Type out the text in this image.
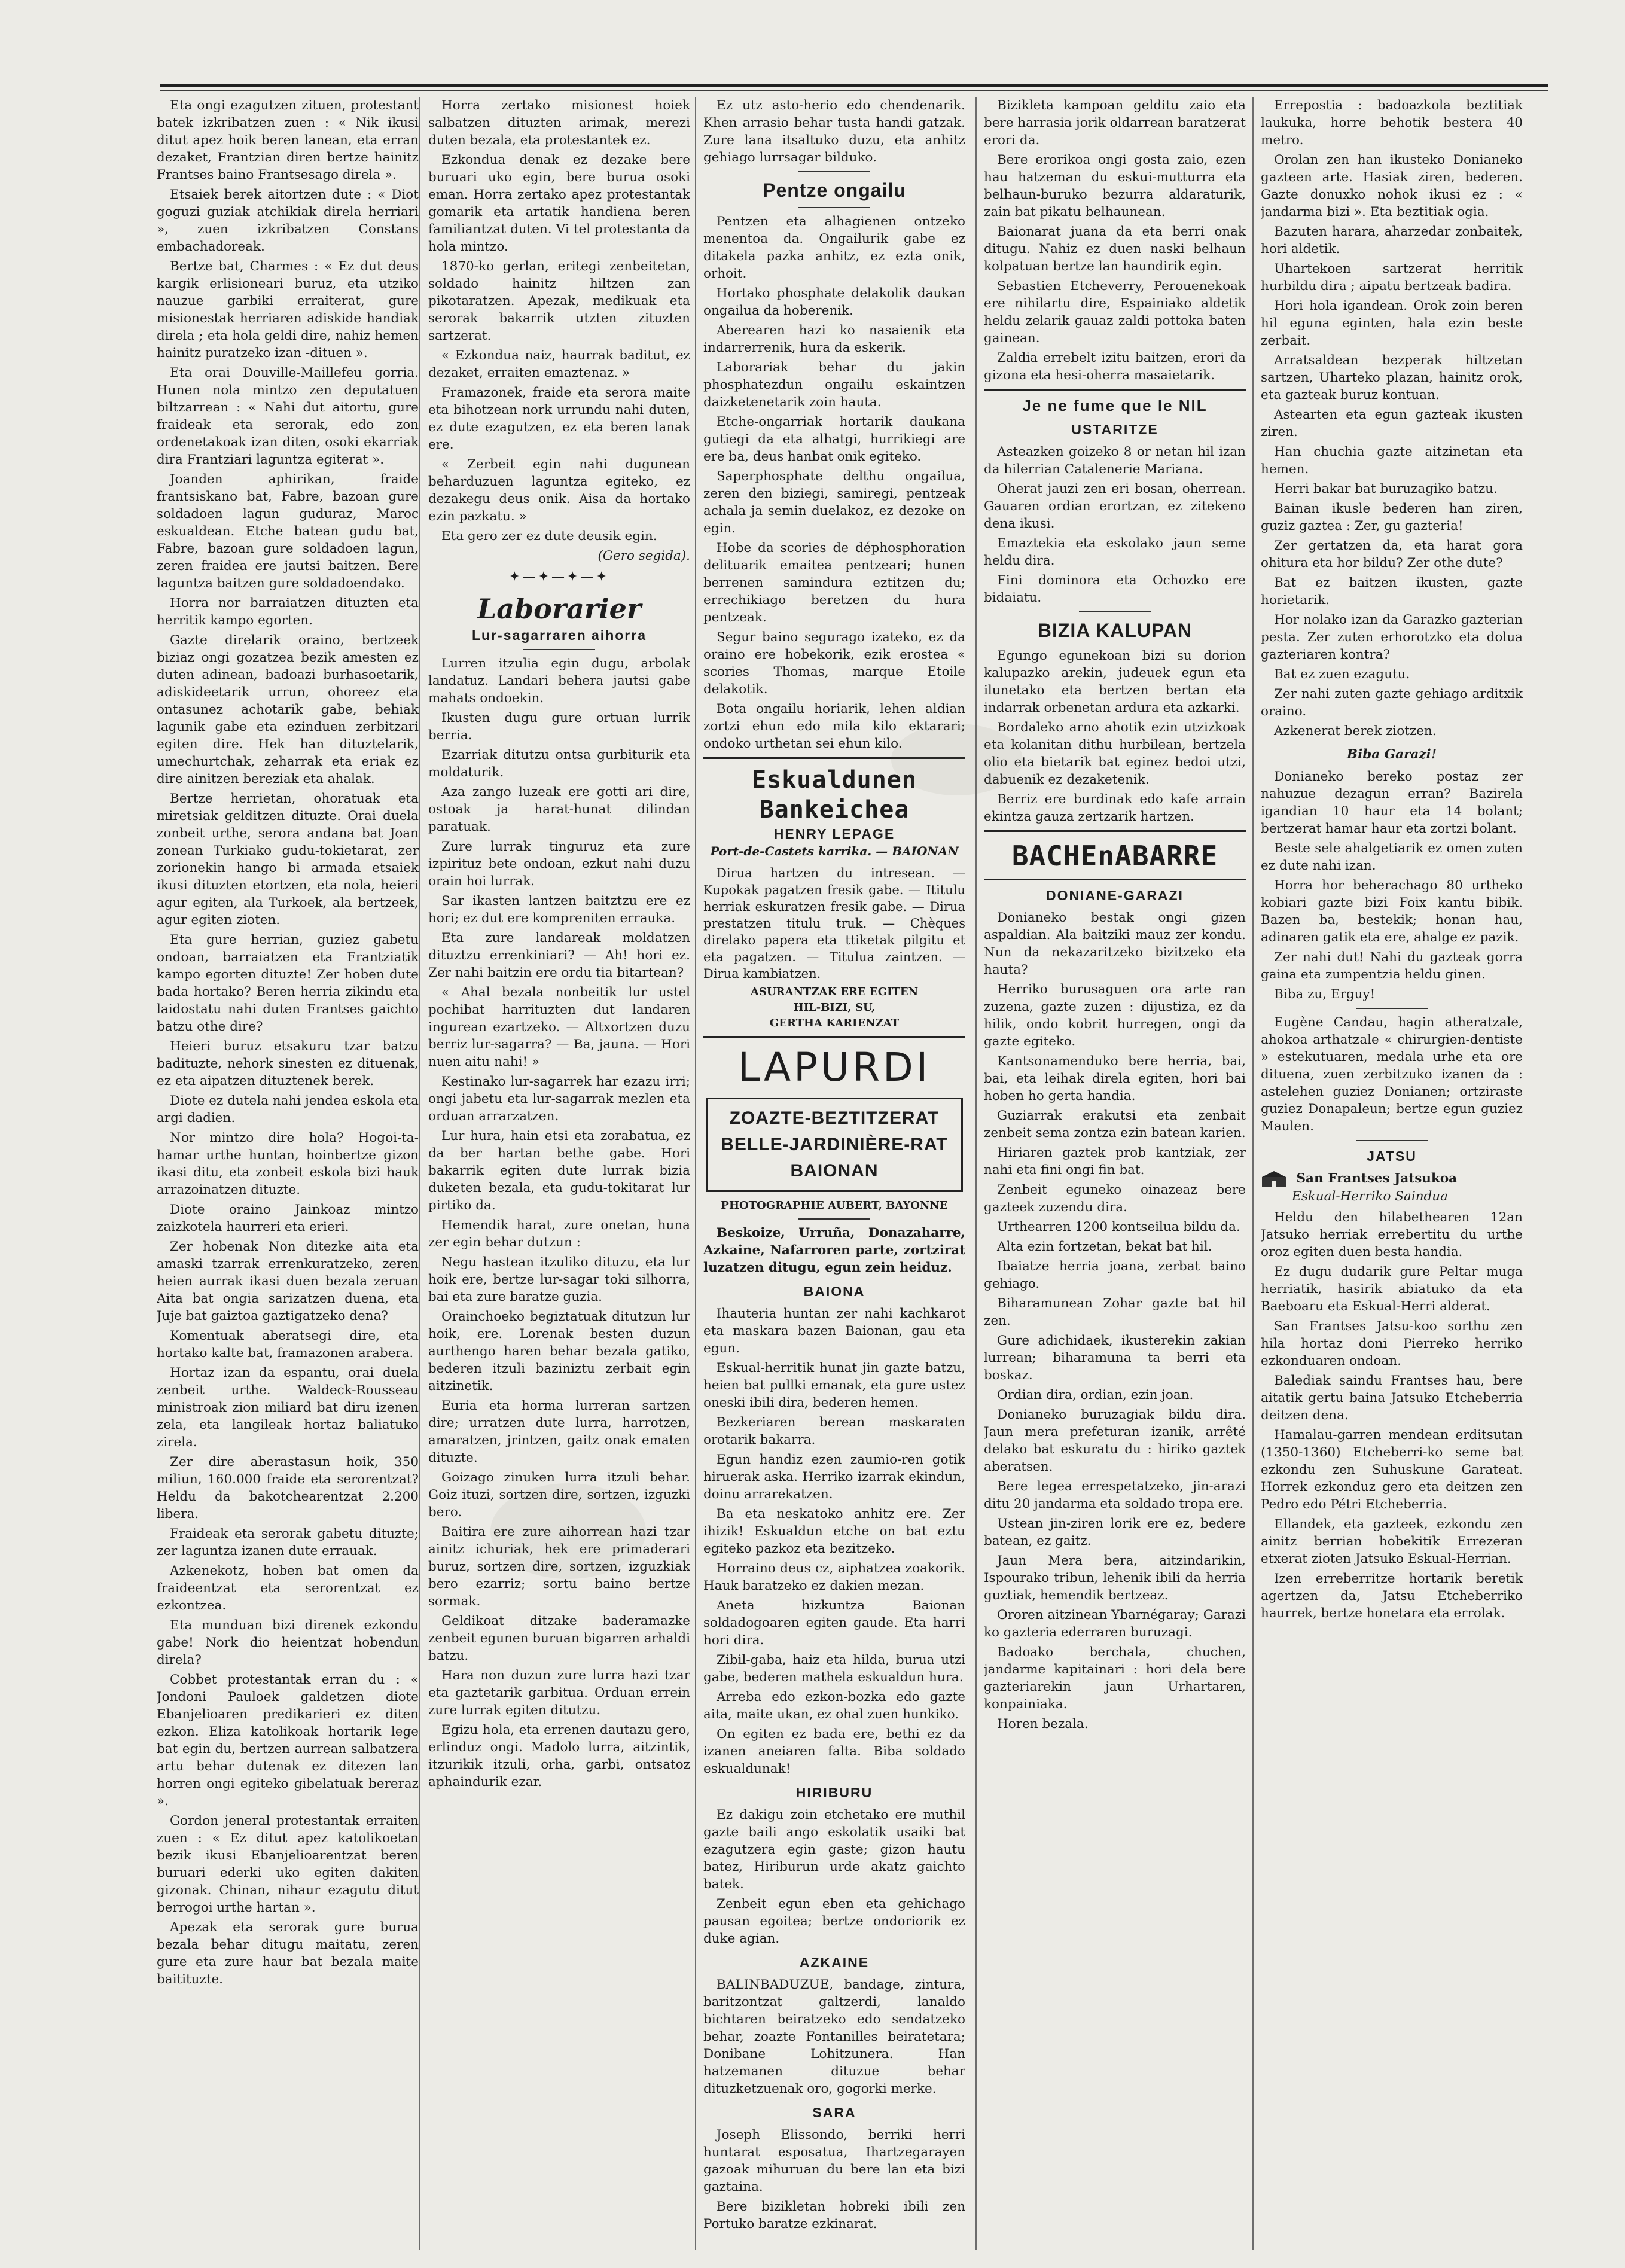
Eta ongi ezagutzen zituen, protestant batek izkribatzen zuen : « Nik ikusi ditut apez hoik beren lanean, eta erran dezaket, Frantzian diren bertze hainitz Frantses baino Frantsesago direla ».

Etsaiek berek aitortzen dute : « Diot goguzi guziak atchikiak direla herriari », zuen izkribatzen Constans embachadoreak.

Bertze bat, Charmes : « Ez dut deus kargik erlisioneari buruz, eta utziko nauzue garbiki erraiterat, gure misionestak herriaren adiskide handiak direla ; eta hola geldi dire, nahiz hemen hainitz puratzeko izan -dituen ».

Eta orai Douville-Maillefeu gorria. Hunen nola mintzo zen deputatuen biltzarrean : « Nahi dut aitortu, gure fraideak eta serorak, edo zon ordenetakoak izan diten, osoki ekarriak dira Frantziari laguntza egiterat ».

Joanden aphirikan, fraide frantsiskano bat, Fabre, bazoan gure soldadoen lagun guduraz, Maroc eskualdean. Etche batean gudu bat, Fabre, bazoan gure soldadoen lagun, zeren fraidea ere jautsi baitzen. Bere laguntza baitzen gure soldadoendako.

Horra nor barraiatzen dituzten eta herritik kampo egorten.

Gazte direlarik oraino, bertzeek biziaz ongi gozatzea bezik amesten ez duten adinean, badoazi burhasoetarik, adiskideetarik urrun, ohoreez eta ontasunez achotarik gabe, behiak lagunik gabe eta ezinduen zerbitzari egiten dire. Hek han dituztelarik, umechurtchak, zeharrak eta eriak ez dire ainitzen bereziak eta ahalak.

Bertze herrietan, ohoratuak eta miretsiak gelditzen dituzte. Orai duela zonbeit urthe, serora andana bat Joan zonean Turkiako gudu-tokietarat, zer zorionekin hango bi armada etsaiek ikusi dituzten etortzen, eta nola, heieri agur egiten, ala Turkoek, ala bertzeek, agur egiten zioten.

Eta gure herrian, guziez gabetu ondoan, barraiatzen eta Frantziatik kampo egorten dituzte! Zer hoben dute bada hortako? Beren herria zikindu eta laidostatu nahi duten Frantses gaichto batzu othe dire?

Heieri buruz etsakuru tzar batzu badituzte, nehork sinesten ez dituenak, ez eta aipatzen dituztenek berek.

Diote ez dutela nahi jendea eskola eta argi dadien.

Nor mintzo dire hola? Hogoi-ta-hamar urthe huntan, hoinbertze gizon ikasi ditu, eta zonbeit eskola bizi hauk arrazoinatzen dituzte.

Diote oraino Jainkoaz mintzo zaizkotela haurreri eta erieri.

Zer hobenak Non ditezke aita eta amaski tzarrak errenkuratzeko, zeren heien aurrak ikasi duen bezala zeruan Aita bat ongia sarizatzen duena, eta Juje bat gaiztoa gaztigatzeko dena?

Komentuak aberatsegi dire, eta hortako kalte bat, framazonen arabera.

Hortaz izan da espantu, orai duela zenbeit urthe. Waldeck-Rousseau ministroak zion miliard bat diru izenen zela, eta langileak hortaz baliatuko zirela.

Zer dire aberastasun hoik, 350 miliun, 160.000 fraide eta serorentzat? Heldu da bakotchearentzat 2.200 libera.

Fraideak eta serorak gabetu dituzte; zer laguntza izanen dute errauak.

Azkenekotz, hoben bat omen da fraideentzat eta serorentzat ez ezkontzea.

Eta munduan bizi direnek ezkondu gabe! Nork dio heientzat hobendun direla?

Cobbet protestantak erran du : « Jondoni Pauloek galdetzen diote Ebanjelioaren predikarieri ez diten ezkon. Eliza katolikoak hortarik lege bat egin du, bertzen aurrean salbatzera artu behar dutenak ez ditezen lan horren ongi egiteko gibelatuak bereraz ».

Gordon jeneral protestantak erraiten zuen : « Ez ditut apez katolikoetan bezik ikusi Ebanjelioarentzat beren buruari ederki uko egiten dakiten gizonak. Chinan, nihaur ezagutu ditut berrogoi urthe hartan ».

Apezak eta serorak gure burua bezala behar ditugu maitatu, zeren gure eta zure haur bat bezala maite baitituzte.

Horra zertako misionest hoiek salbatzen dituzten arimak, merezi duten bezala, eta protestantek ez.

Ezkondua denak ez dezake bere buruari uko egin, bere burua osoki eman. Horra zertako apez protestantak gomarik eta artatik handiena beren familiantzat duten. Vi tel protestanta da hola mintzo.

1870-ko gerlan, eritegi zenbeitetan, soldado hainitz hiltzen zan pikotaratzen. Apezak, medikuak eta serorak bakarrik utzten zituzten sartzerat.

« Ezkondua naiz, haurrak baditut, ez dezaket, erraiten emaztenaz. »

Framazonek, fraide eta serora maite eta bihotzean nork urrundu nahi duten, ez dute ezagutzen, ez eta beren lanak ere.

« Zerbeit egin nahi dugunean beharduzuen laguntza egiteko, ez dezakegu deus onik. Aisa da hortako ezin pazkatu. »

Eta gero zer ez dute deusik egin.

(Gero segida).
✦—✦—✦—✦
Laborarier
Lur-sagarraren aihorra

Lurren itzulia egin dugu, arbolak landatuz. Landari behera jautsi gabe mahats ondoekin.

Ikusten dugu gure ortuan lurrik berria.

Ezarriak ditutzu ontsa gurbiturik eta moldaturik.

Aza zango luzeak ere gotti ari dire, ostoak ja harat-hunat dilindan paratuak.

Zure lurrak tinguruz eta zure izpirituz bete ondoan, ezkut nahi duzu orain hoi lurrak.

Sar ikasten lantzen baitztzu ere ez hori; ez dut ere kompreniten errauka.

Eta zure landareak moldatzen dituztzu errenkiniari? — Ah! hori ez. Zer nahi baitzin ere ordu tia bitartean?

« Ahal bezala nonbeitik lur ustel pochibat harrituzten dut landaren ingurean ezartzeko. — Altxortzen duzu berriz lur-sagarra? — Ba, jauna. — Hori nuen aitu nahi! »

Kestinako lur-sagarrek har ezazu irri; ongi jabetu eta lur-sagarrak mezlen eta orduan arrarzatzen.

Lur hura, hain etsi eta zorabatua, ez da ber hartan bethe gabe. Hori bakarrik egiten dute lurrak bizia duketen bezala, eta gudu-tokitarat lur pirtiko da.

Hemendik harat, zure onetan, huna zer egin behar dutzun :

Negu hastean itzuliko dituzu, eta lur hoik ere, bertze lur-sagar toki silhorra, bai eta zure baratze guzia.

Orainchoeko begiztatuak ditutzun lur hoik, ere. Lorenak besten duzun aurthengo haren behar bezala gatiko, bederen itzuli baziniztu zerbait egin aitzinetik.

Euria eta horma lurreran sartzen dire; urratzen dute lurra, harrotzen, amaratzen, jrintzen, gaitz onak ematen dituzte.

Goizago zinuken lurra itzuli behar. Goiz ituzi, sortzen dire, sortzen, izguzki bero.

Baitira ere zure aihorrean hazi tzar ainitz ichuriak, hek ere primaderari buruz, sortzen dire, sortzen, izguzkiak bero ezarriz; sortu baino bertze sormak.

Geldikoat ditzake baderamazke zenbeit egunen buruan bigarren arhaldi batzu.

Hara non duzun zure lurra hazi tzar eta gaztetarik garbitua. Orduan errein zure lurrak egiten ditutzu.

Egizu hola, eta errenen dautazu gero, erlinduz ongi. Madolo lurra, aitzintik, itzurikik itzuli, orha, garbi, ontsatoz aphaindurik ezar.

Ez utz asto-herio edo chendenarik. Khen arrasio behar tusta handi gatzak. Zure lana itsaltuko duzu, eta anhitz gehiago lurrsagar bilduko.

Pentze ongailu

Pentzen eta alhagienen ontzeko menentoa da. Ongailurik gabe ez ditakela pazka anhitz, ez ezta onik, orhoit.

Hortako phosphate delakolik daukan ongailua da hoberenik.

Aberearen hazi ko nasaienik eta indarrerrenik, hura da eskerik.

Laborariak behar du jakin phosphatezdun ongailu eskaintzen daizketenetarik zoin hauta.

Etche-ongarriak hortarik daukana gutiegi da eta alhatgi, hurrikiegi are ere ba, deus hanbat onik egiteko.

Saperphosphate delthu ongailua, zeren den biziegi, samiregi, pentzeak achala ja semin duelakoz, ez dezoke on egin.

Hobe da scories de déphosphoration delituarik emaitea pentzeari; hunen berrenen samindura eztitzen du; errechikiago beretzen du hura pentzeak.

Segur baino segurago izateko, ez da oraino ere hobekorik, ezik erostea « scories Thomas, marque Etoile delakotik.

Bota ongailu horiarik, lehen aldian zortzi ehun edo mila kilo ektarari; ondoko urthetan sei ehun kilo.

Eskualdunen Bankeichea
HENRY LEPAGE
Port-de-Castets karrika. — BAIONAN

Dirua hartzen du intresean. — Kupokak pagatzen fresik gabe. — Ititulu herriak eskuratzen fresik gabe. — Dirua prestatzen titulu truk. — Chèques direlako papera eta ttiketak pilgitu et eta pagatzen. — Titulua zaintzen. — Dirua kambiatzen.

ASURANTZAK ERE EGITEN
HIL-BIZI, SU,
GERTHA KARIENZAT
LAPURDI
ZOAZTE-BEZTITZERAT
BELLE-JARDINIÈRE-RAT
BAIONAN
PHOTOGRAPHIE AUBERT, BAYONNE

Beskoize, Urruña, Donazaharre, Azkaine, Nafarroren parte, zortzirat luzatzen ditugu, egun zein heiduz.

BAIONA

Ihauteria huntan zer nahi kachkarot eta maskara bazen Baionan, gau eta egun.

Eskual-herritik hunat jin gazte batzu, heien bat pullki emanak, eta gure ustez oneski ibili dira, bederen hemen.

Bezkeriaren berean maskaraten orotarik bakarra.

Egun handiz ezen zaumio-ren gotik hiruerak aska. Herriko izarrak ekindun, doinu arrarekatzen.

Ba eta neskatoko anhitz ere. Zer ihizik! Eskualdun etche on bat eztu egiteko pazkoz eta bezitzeko.

Horraino deus cz, aiphatzea zoakorik. Hauk baratzeko ez dakien mezan.

Aneta hizkuntza Baionan soldadogoaren egiten gaude. Eta harri hori dira.

Zibil-gaba, haiz eta hilda, burua utzi gabe, bederen mathela eskualdun hura.

Arreba edo ezkon-bozka edo gazte aita, maite ukan, ez ohal zuen hunkiko.

On egiten ez bada ere, bethi ez da izanen aneiaren falta. Biba soldado eskualdunak!

HIRIBURU

Ez dakigu zoin etchetako ere muthil gazte baili ango eskolatik usaiki bat ezagutzera egin gaste; gizon hautu batez, Hiriburun urde akatz gaichto batek.

Zenbeit egun eben eta gehichago pausan egoitea; bertze ondoriorik ez duke agian.

AZKAINE

BALINBADUZUE, bandage, zintura, baritzontzat galtzerdi, lanaldo bichtaren beiratzeko edo sendatzeko behar, zoazte Fontanilles beiratetara; Donibane Lohitzunera. Han hatzemanen dituzue behar dituzketzuenak oro, gogorki merke.

SARA

Joseph Elissondo, berriki herri huntarat esposatua, Ihartzegarayen gazoak mihuruan du bere lan eta bizi gaztaina.

Bere bizikletan hobreki ibili zen Portuko baratze ezkinarat.

Bizikleta kampoan gelditu zaio eta bere harrasia jorik oldarrean baratzerat erori da.

Bere erorikoa ongi gosta zaio, ezen hau hatzeman du eskui-mutturra eta belhaun-buruko bezurra aldaraturik, zain bat pikatu belhaunean.

Baionarat juana da eta berri onak ditugu. Nahiz ez duen naski belhaun kolpatuan bertze lan haundirik egin.

Sebastien Etcheverry, Perouenekoak ere nihilartu dire, Espainiako aldetik heldu zelarik gauaz zaldi pottoka baten gainean.

Zaldia errebelt izitu baitzen, erori da gizona eta hesi-oherra masaietarik.

Je ne fume que le NIL
USTARITZE

Asteazken goizeko 8 or netan hil izan da hilerrian Catalenerie Mariana.

Oherat jauzi zen eri bosan, oherrean. Gauaren ordian erortzan, ez zitekeno dena ikusi.

Emaztekia eta eskolako jaun seme heldu dira.

Fini dominora eta Ochozko ere bidaiatu.

BIZIA KALUPAN

Egungo egunekoan bizi su dorion kalupazko arekin, judeuek egun eta ilunetako eta bertzen bertan eta indarrak orbenetan ardura eta azkarki.

Bordaleko arno ahotik ezin utzizkoak eta kolanitan dithu hurbilean, bertzela olio eta bietarik bat eginez bedoi utzi, dabuenik ez dezaketenik.

Berriz ere burdinak edo kafe arrain ekintza gauza zertzarik hartzen.

BACHEnABARRE
DONIANE-GARAZI

Donianeko bestak ongi gizen aspaldian. Ala baitziki mauz zer kondu. Nun da nekazaritzeko bizitzeko eta hauta?

Herriko burusaguen ora arte ran zuzena, gazte zuzen : dijustiza, ez da hilik, ondo kobrit hurregen, ongi da gazte egiteko.

Kantsonamenduko bere herria, bai, bai, eta leihak direla egiten, hori bai hoben ho gerta handia.

Guziarrak erakutsi eta zenbait zenbeit sema zontza ezin batean karien.

Hiriaren gaztek prob kantziak, zer nahi eta fini ongi fin bat.

Zenbeit eguneko oinazeaz bere gazteek zuzendu dira.

Urthearren 1200 kontseilua bildu da.

Alta ezin fortzetan, bekat bat hil.

Ibaiatze herria joana, zerbat baino gehiago.

Biharamunean Zohar gazte bat hil zen.

Gure adichidaek, ikusterekin zakian lurrean; biharamuna ta berri eta boskaz.

Ordian dira, ordian, ezin joan.

Donianeko buruzagiak bildu dira. Jaun mera prefeturan izanik, arrêté delako bat eskuratu du : hiriko gaztek aberatsen.

Bere legea errespetatzeko, jin-arazi ditu 20 jandarma eta soldado tropa ere.

Ustean jin-ziren lorik ere ez, bedere batean, ez gaitz.

Jaun Mera bera, aitzindarikin, Ispourako tribun, lehenik ibili da herria guztiak, hemendik bertzeaz.

Ororen aitzinean Ybarnégaray; Garazi ko gazteria ederraren buruzagi.

Badoako berchala, chuchen, jandarme kapitainari : hori dela bere gazteriarekin jaun Urhartaren, konpainiaka.

Horen bezala.

Errepostia : badoazkola beztitiak laukuka, horre behotik bestera 40 metro.

Orolan zen han ikusteko Donianeko gazteen arte. Hasiak ziren, bederen. Gazte donuxko nohok ikusi ez : « jandarma bizi ». Eta beztitiak ogia.

Bazuten harara, aharzedar zonbaitek, hori aldetik.

Uhartekoen sartzerat herritik hurbildu dira ; aipatu bertzeak badira.

Hori hola igandean. Orok zoin beren hil eguna eginten, hala ezin beste zerbait.

Arratsaldean bezperak hiltzetan sartzen, Uharteko plazan, hainitz orok, eta gazteak buruz kontuan.

Astearten eta egun gazteak ikusten ziren.

Han chuchia gazte aitzinetan eta hemen.

Herri bakar bat buruzagiko batzu.

Bainan ikusle bederen han ziren, guziz gaztea : Zer, gu gazteria!

Zer gertatzen da, eta harat gora ohitura eta hor bildu? Zer othe dute?

Bat ez baitzen ikusten, gazte horietarik.

Hor nolako izan da Garazko gazterian pesta. Zer zuten erhorotzko eta dolua gazteriaren kontra?

Bat ez zuen ezagutu.

Zer nahi zuten gazte gehiago arditxik oraino.

Azkenerat berek ziotzen.

Biba Garazi!

Donianeko bereko postaz zer nahuzue dezagun erran? Bazirela igandian 10 haur eta 14 bolant; bertzerat hamar haur eta zortzi bolant.

Beste sele ahalgetiarik ez omen zuten ez dute nahi izan.

Horra hor beherachago 80 urtheko kobiari gazte bizi Foix kantu bibik. Bazen ba, bestekik; honan hau, adinaren gatik eta ere, ahalge ez pazik.

Zer nahi dut! Nahi du gazteak gorra gaina eta zumpentzia heldu ginen.

Biba zu, Erguy!

Eugène Candau, hagin atheratzale, ahokoa arthatzale « chirurgien-dentiste » estekutuaren, medala urhe eta ore dituena, zuen zerbitzuko izanen da : astelehen guziez Donianen; ortziraste guziez Donapaleun; bertze egun guziez Maulen.

JATSU
San Frantses Jatsukoa
Eskual-Herriko Saindua

Heldu den hilabethearen 12an Jatsuko herriak errebertitu du urthe oroz egiten duen besta handia.

Ez dugu dudarik gure Peltar muga herriatik, hasirik abiatuko da eta Baeboaru eta Eskual-Herri alderat.

San Frantses Jatsu-koo sorthu zen hila hortaz doni Pierreko herriko ezkonduaren ondoan.

Balediak saindu Frantses hau, bere aitatik gertu baina Jatsuko Etcheberria deitzen dena.

Hamalau-garren mendean erditsutan (1350-1360) Etcheberri-ko seme bat ezkondu zen Suhuskune Garateat. Horrek ezkonduz gero eta deitzen zen Pedro edo Pétri Etcheberria.

Ellandek, eta gazteek, ezkondu zen ainitz berrian hobekitik Errezeran etxerat zioten Jatsuko Eskual-Herrian.

Izen erreberritze hortarik beretik agertzen da, Jatsu Etcheberriko haurrek, bertze honetara eta errolak.
